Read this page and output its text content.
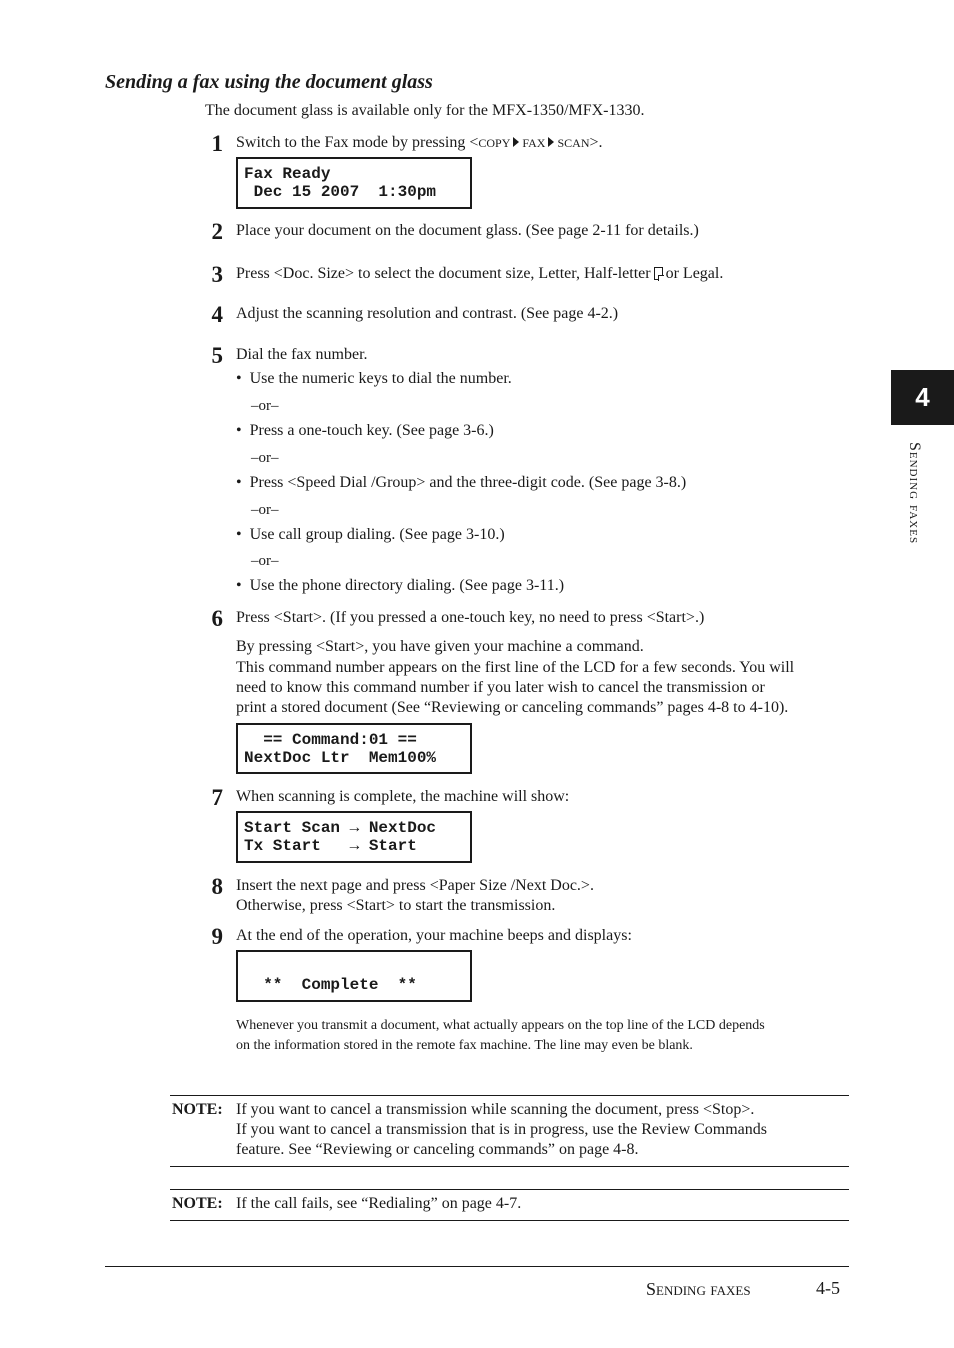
Sending a fax using the document glass
The document glass is available only for the MFX-1350/MFX-1330.
1 Switch to the Fax mode by pressing <COPY FAX SCAN>.
Fax Ready
Dec 15 2007  1:30pm
2 Place your document on the document glass. (See page 2-11 for details.)
3 Press <Doc. Size> to select the document size, Letter, Half-letter or Legal.
4 Adjust the scanning resolution and contrast. (See page 4-2.)
5 Dial the fax number.
•  Use the numeric keys to dial the number.
–or–
•  Press a one-touch key. (See page 3-6.)
–or–
•  Press <Speed Dial /Group> and the three-digit code. (See page 3-8.)
–or–
•  Use call group dialing. (See page 3-10.)
–or–
•  Use the phone directory dialing. (See page 3-11.)
6 Press <Start>. (If you pressed a one-touch key, no need to press <Start>.)
By pressing <Start>, you have given your machine a command.
This command number appears on the first line of the LCD for a few seconds. You will
need to know this command number if you later wish to cancel the transmission or
print a stored document (See “Reviewing or canceling commands” pages 4-8 to 4-10).
== Command:01 ==
NextDoc Ltr  Mem100%
7 When scanning is complete, the machine will show:
Start Scan → NextDoc
Tx Start   → Start
8 Insert the next page and press <Paper Size /Next Doc.>.
Otherwise, press <Start> to start the transmission.
9 At the end of the operation, your machine beeps and displays:
**  Complete  **
Whenever you transmit a document, what actually appears on the top line of the LCD depends
on the information stored in the remote fax machine. The line may even be blank.
NOTE: If you want to cancel a transmission while scanning the document, press <Stop>.
If you want to cancel a transmission that is in progress, use the Review Commands
feature. See “Reviewing or canceling commands” on page 4-8.
NOTE: If the call fails, see “Redialing” on page 4-7.
4
Sending faxes
Sending faxes	4-5
